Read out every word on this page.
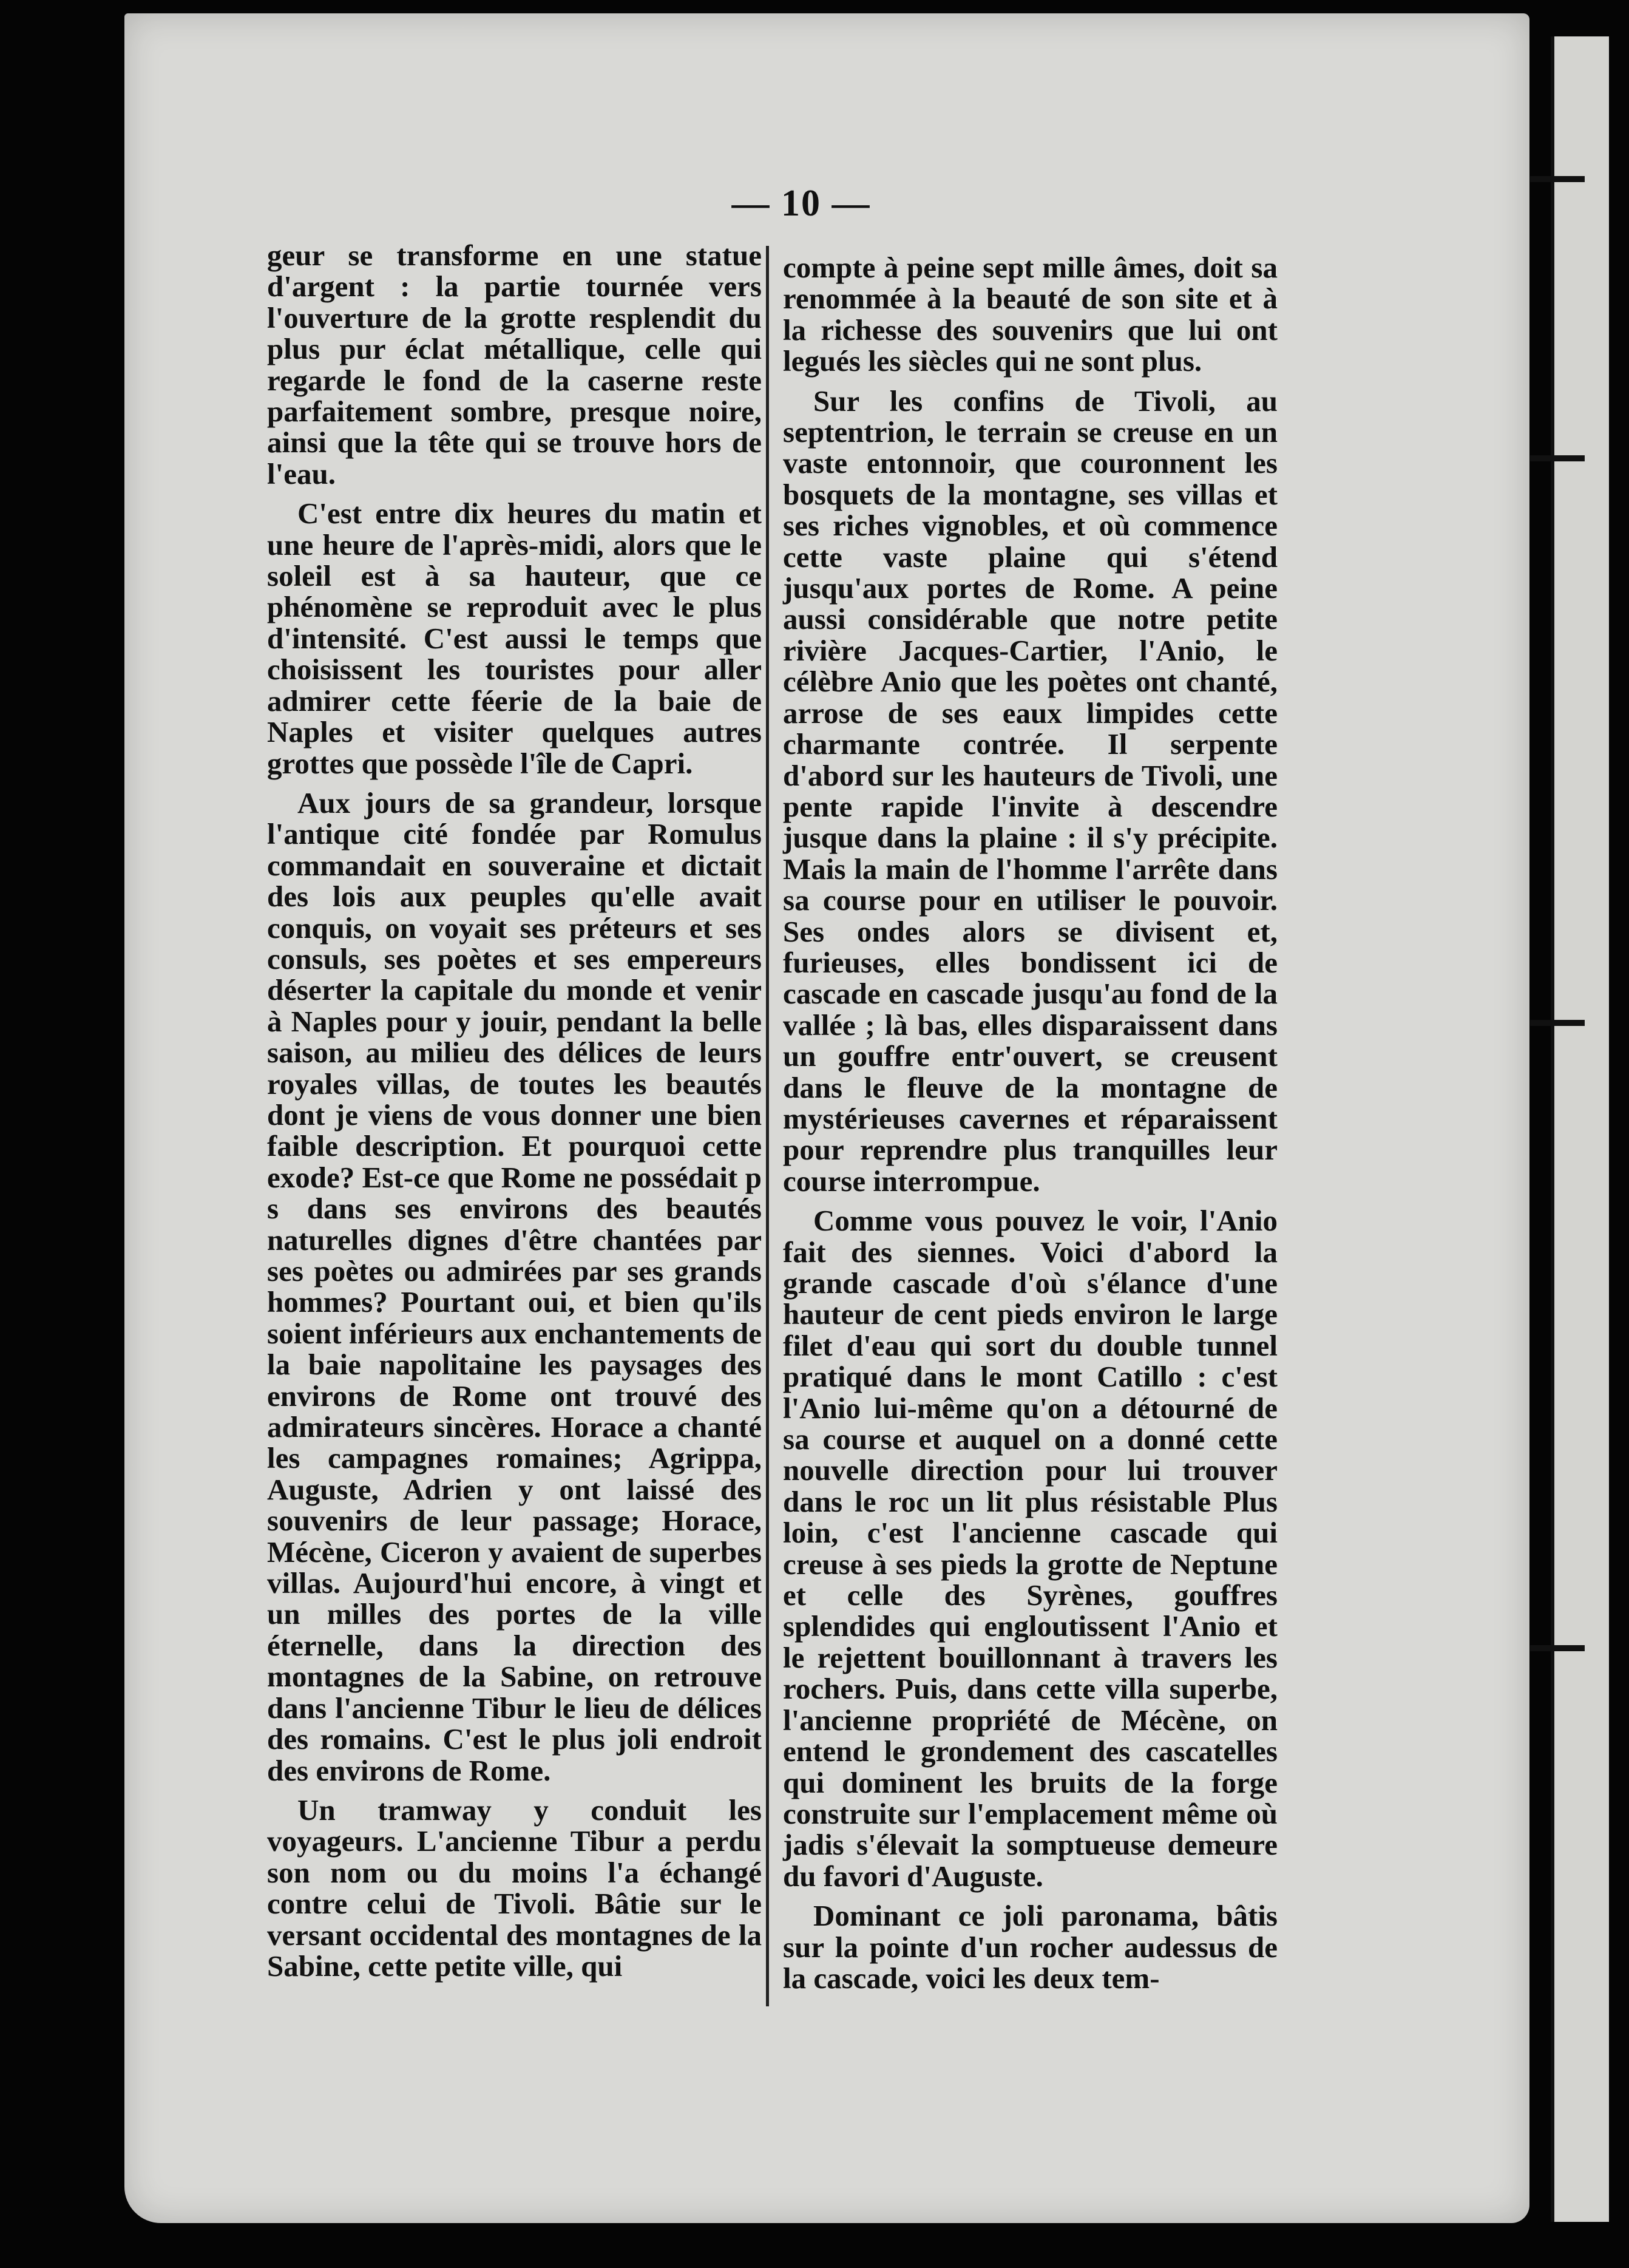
— 10 —

geur se transforme en une statue d'argent : la partie tournée vers l'ouverture de la grotte resplendit du plus pur éclat métallique, celle qui regarde le fond de la caserne reste parfaitement sombre, presque noire, ainsi que la tête qui se trouve hors de l'eau.

C'est entre dix heures du matin et une heure de l'après-midi, alors que le soleil est à sa hauteur, que ce phénomène se reproduit avec le plus d'intensité. C'est aussi le temps que choisissent les touristes pour aller admirer cette féerie de la baie de Naples et visiter quelques autres grottes que possède l'île de Capri.

Aux jours de sa grandeur, lorsque l'antique cité fondée par Romulus commandait en souveraine et dictait des lois aux peuples qu'elle avait conquis, on voyait ses préteurs et ses consuls, ses poètes et ses empereurs déserter la capitale du monde et venir à Naples pour y jouir, pendant la belle saison, au milieu des délices de leurs royales villas, de toutes les beautés dont je viens de vous donner une bien faible description. Et pourquoi cette exode? Est-ce que Rome ne possédait p s dans ses environs des beautés naturelles dignes d'être chantées par ses poètes ou admirées par ses grands hommes? Pourtant oui, et bien qu'ils soient inférieurs aux enchantements de la baie napolitaine les paysages des environs de Rome ont trouvé des admirateurs sincères. Horace a chanté les campagnes romaines; Agrippa, Auguste, Adrien y ont laissé des souvenirs de leur passage; Horace, Mécène, Ciceron y avaient de superbes villas. Aujourd'hui encore, à vingt et un milles des portes de la ville éternelle, dans la direction des montagnes de la Sabine, on retrouve dans l'ancienne Tibur le lieu de délices des romains. C'est le plus joli endroit des environs de Rome.

Un tramway y conduit les voyageurs. L'ancienne Tibur a perdu son nom ou du moins l'a échangé contre celui de Tivoli. Bâtie sur le versant occidental des montagnes de la Sabine, cette petite ville, qui

compte à peine sept mille âmes, doit sa renommée à la beauté de son site et à la richesse des souvenirs que lui ont legués les siècles qui ne sont plus.

Sur les confins de Tivoli, au septentrion, le terrain se creuse en un vaste entonnoir, que couronnent les bosquets de la montagne, ses villas et ses riches vignobles, et où commence cette vaste plaine qui s'étend jusqu'aux portes de Rome. A peine aussi considérable que notre petite rivière Jacques-Cartier, l'Anio, le célèbre Anio que les poètes ont chanté, arrose de ses eaux limpides cette charmante contrée. Il serpente d'abord sur les hauteurs de Tivoli, une pente rapide l'invite à descendre jusque dans la plaine : il s'y précipite. Mais la main de l'homme l'arrête dans sa course pour en utiliser le pouvoir. Ses ondes alors se divisent et, furieuses, elles bondissent ici de cascade en cascade jusqu'au fond de la vallée ; là bas, elles disparaissent dans un gouffre entr'ouvert, se creusent dans le fleuve de la montagne de mystérieuses cavernes et réparaissent pour reprendre plus tranquilles leur course interrompue.

Comme vous pouvez le voir, l'Anio fait des siennes. Voici d'abord la grande cascade d'où s'élance d'une hauteur de cent pieds environ le large filet d'eau qui sort du double tunnel pratiqué dans le mont Catillo : c'est l'Anio lui-même qu'on a détourné de sa course et auquel on a donné cette nouvelle direction pour lui trouver dans le roc un lit plus résistable Plus loin, c'est l'ancienne cascade qui creuse à ses pieds la grotte de Neptune et celle des Syrènes, gouffres splendides qui engloutissent l'Anio et le rejettent bouillonnant à travers les rochers. Puis, dans cette villa superbe, l'ancienne propriété de Mécène, on entend le grondement des cascatelles qui dominent les bruits de la forge construite sur l'emplacement même où jadis s'élevait la somptueuse demeure du favori d'Auguste.

Dominant ce joli paronama, bâtis sur la pointe d'un rocher audessus de la cascade, voici les deux tem-
